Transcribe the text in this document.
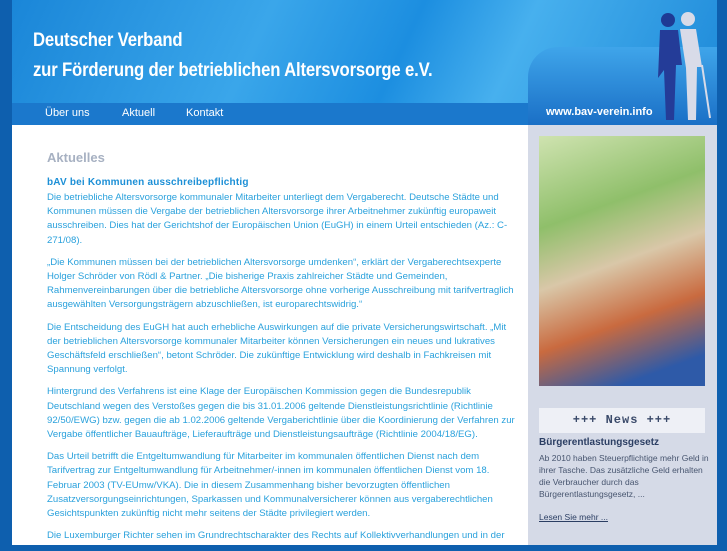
Deutscher Verband
zur Förderung der betrieblichen Altersvorsorge e.V.
Über uns	Aktuell	Kontakt	www.bav-verein.info
Aktuelles
bAV bei Kommunen ausschreibepflichtig

Die betriebliche Altersvorsorge kommunaler Mitarbeiter unterliegt dem Vergaberecht. Deutsche Städte und Kommunen müssen die Vergabe der betrieblichen Altersvorsorge ihrer Arbeitnehmer zukünftig europaweit ausschreiben. Dies hat der Gerichtshof der Europäischen Union (EuGH) in einem Urteil entschieden (Az.: C-271/08).

„Die Kommunen müssen bei der betrieblichen Altersvorsorge umdenken“, erklärt der Vergaberechtsexperte Holger Schröder von Rödl & Partner. „Die bisherige Praxis zahlreicher Städte und Gemeinden, Rahmenvereinbarungen über die betriebliche Altersvorsorge ohne vorherige Ausschreibung mit tarifvertraglich ausgewählten Versorgungsträgern abzuschließen, ist europarechtswidrig.“

Die Entscheidung des EuGH hat auch erhebliche Auswirkungen auf die private Versicherungswirtschaft. „Mit der betrieblichen Altersvorsorge kommunaler Mitarbeiter können Versicherungen ein neues und lukratives Geschäftsfeld erschließen“, betont Schröder. Die zukünftige Entwicklung wird deshalb in Fachkreisen mit Spannung verfolgt.

Hintergrund des Verfahrens ist eine Klage der Europäischen Kommission gegen die Bundesrepublik Deutschland wegen des Verstoßes gegen die bis 31.01.2006 geltende Dienstleistungsrichtlinie (Richtlinie 92/50/EWG) bzw. gegen die ab 1.02.2006 geltende Vergaberichtlinie über die Koordinierung der Verfahren zur Vergabe öffentlicher Bauaufträge, Lieferaufträge und Dienstleistungsaufträge (Richtlinie 2004/18/EG).

Das Urteil betrifft die Entgeltumwandlung für Mitarbeiter im kommunalen öffentlichen Dienst nach dem Tarifvertrag zur Entgeltumwandlung für Arbeitnehmer/-innen im kommunalen öffentlichen Dienst vom 18. Februar 2003 (TV-EUmw/VKA). Die in diesem Zusammenhang bisher bevorzugten öffentlichen Zusatzversorgungseinrichtungen, Sparkassen und Kommunalversicherer können aus vergaberechtlichen Gesichtspunkten zukünftig nicht mehr seitens der Städte privilegiert werden.

Die Luxemburger Richter sehen im Grundrechtscharakter des Rechts auf Kollektivverhandlungen und in der

+++ News +++
Bürgerentlastungsgesetz
Ab 2010 haben Steuerpflichtige mehr Geld in ihrer Tasche. Das zusätzliche Geld erhalten die Verbraucher durch das Bürgerentlastungsgesetz, ...
Lesen Sie mehr ...
